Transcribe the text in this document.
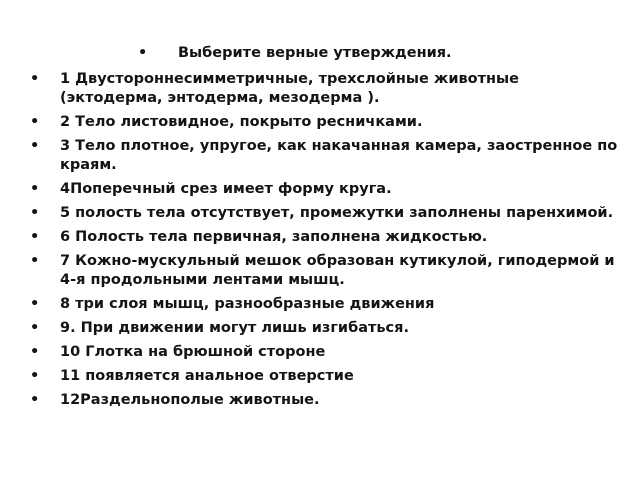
• Выберите верные утверждения.
• 1 Двустороннесимметричные, трехслойные животные (эктодерма, энтодерма, мезодерма ).
• 2 Тело листовидное, покрыто ресничками.
• 3 Тело плотное, упругое, как накачанная камера, заостренное по краям.
• 4Поперечный срез имеет форму круга.
• 5 полость тела отсутствует, промежутки заполнены паренхимой.
• 6 Полость тела первичная, заполнена жидкостью.
• 7 Кожно-мускульный мешок образован кутикулой, гиподермой и 4-я продольными лентами мышц.
• 8 три слоя мышц, разнообразные движения
• 9. При движении могут лишь изгибаться.
• 10 Глотка на брюшной стороне
• 11 появляется анальное отверстие
• 12Раздельнополые животные.
